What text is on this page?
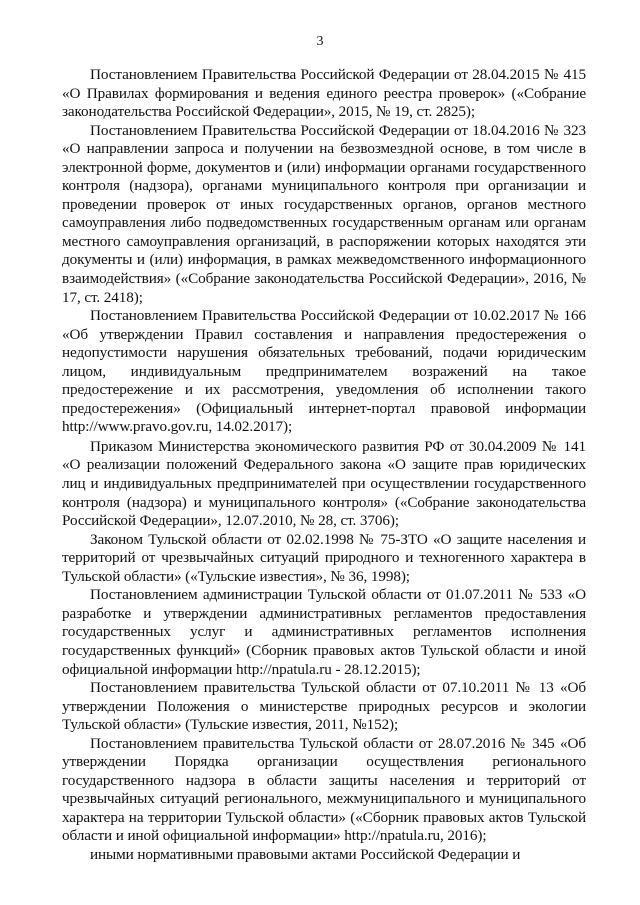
3

Постановлением Правительства Российской Федерации от 28.04.2015 № 415 «О Правилах формирования и ведения единого реестра проверок» («Собрание законодательства Российской Федерации», 2015, № 19, ст. 2825);

Постановлением Правительства Российской Федерации от 18.04.2016 № 323 «О направлении запроса и получении на безвозмездной основе, в том числе в электронной форме, документов и (или) информации органами государственного контроля (надзора), органами муниципального контроля при организации и проведении проверок от иных государственных органов, органов местного самоуправления либо подведомственных государственным органам или органам местного самоуправления организаций, в распоряжении которых находятся эти документы и (или) информация, в рамках межведомственного информационного взаимодействия» («Собрание законодательства Российской Федерации», 2016, № 17, ст. 2418);

Постановлением Правительства Российской Федерации от 10.02.2017 № 166 «Об утверждении Правил составления и направления предостережения о недопустимости нарушения обязательных требований, подачи юридическим лицом, индивидуальным предпринимателем возражений на такое предостережение и их рассмотрения, уведомления об исполнении такого предостережения» (Официальный интернет-портал правовой информации http://www.pravo.gov.ru, 14.02.2017);

Приказом Министерства экономического развития РФ от 30.04.2009 № 141 «О реализации положений Федерального закона «О защите прав юридических лиц и индивидуальных предпринимателей при осуществлении государственного контроля (надзора) и муниципального контроля» («Собрание законодательства Российской Федерации», 12.07.2010, № 28, ст. 3706);

Законом Тульской области от 02.02.1998 № 75-ЗТО «О защите населения и территорий от чрезвычайных ситуаций природного и техногенного характера в Тульской области» («Тульские известия», № 36, 1998);

Постановлением администрации Тульской области от 01.07.2011 № 533 «О разработке и утверждении административных регламентов предоставления государственных услуг и административных регламентов исполнения государственных функций» (Сборник правовых актов Тульской области и иной официальной информации http://npatula.ru - 28.12.2015);

Постановлением правительства Тульской области от 07.10.2011 № 13 «Об утверждении Положения о министерстве природных ресурсов и экологии Тульской области» (Тульские известия, 2011, №152);

Постановлением правительства Тульской области от 28.07.2016 № 345 «Об утверждении Порядка организации осуществления регионального государственного надзора в области защиты населения и территорий от чрезвычайных ситуаций регионального, межмуниципального и муниципального характера на территории Тульской области» («Сборник правовых актов Тульской области и иной официальной информации» http://npatula.ru, 2016);

иными нормативными правовыми актами Российской Федерации и
